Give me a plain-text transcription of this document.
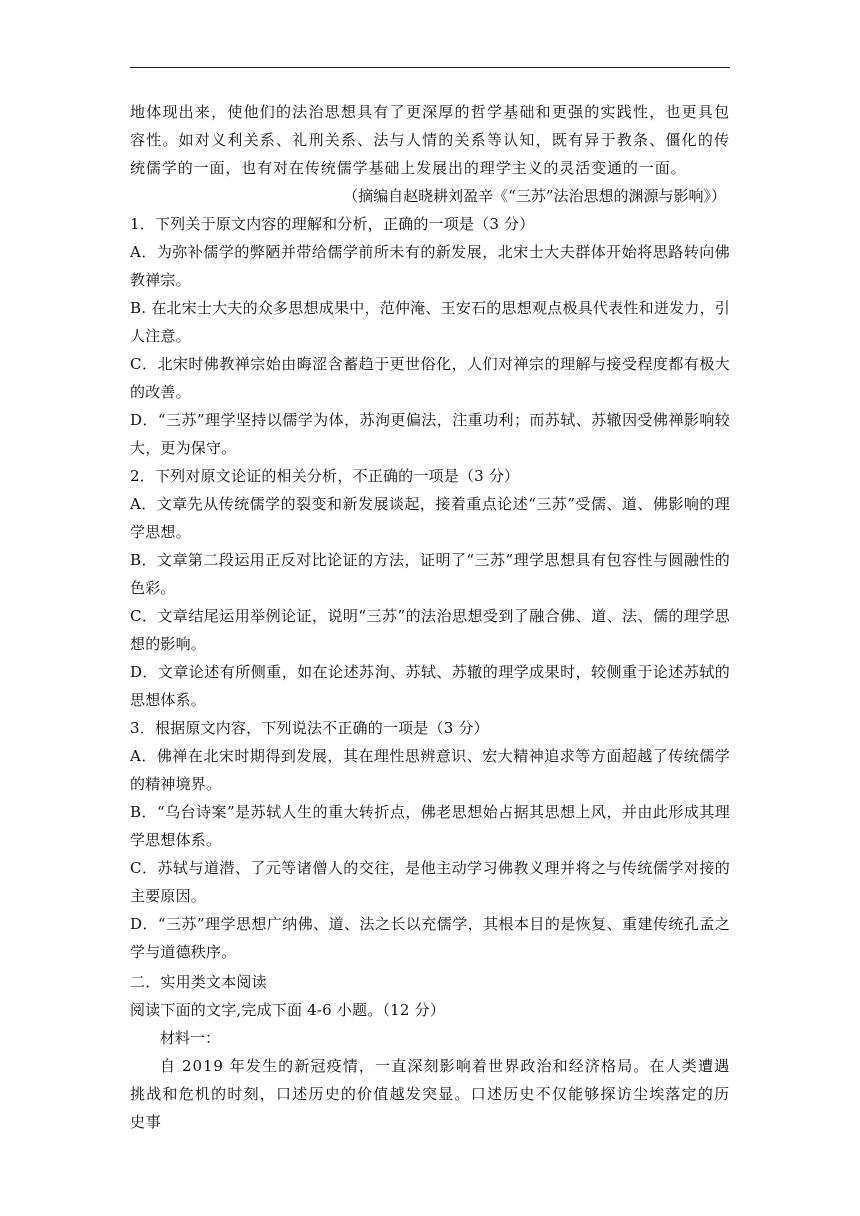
地体现出来，使他们的法治思想具有了更深厚的哲学基础和更强的实践性，也更具包容性。如对义利关系、礼刑关系、法与人情的关系等认知，既有异于教条、僵化的传统儒学的一面，也有对在传统儒学基础上发展出的理学主义的灵活变通的一面。

（摘编自赵晓耕刘盈辛《“三苏”法治思想的渊源与影响》）

1．下列关于原文内容的理解和分析，正确的一项是（3 分）

A．为弥补儒学的弊陋并带给儒学前所未有的新发展，北宋士大夫群体开始将思路转向佛教禅宗。

B. 在北宋士大夫的众多思想成果中，范仲淹、王安石的思想观点极具代表性和迸发力，引人注意。

C．北宋时佛教禅宗始由晦涩含蓄趋于更世俗化，人们对禅宗的理解与接受程度都有极大的改善。

D．“三苏”理学坚持以儒学为体，苏洵更偏法，注重功利；而苏轼、苏辙因受佛禅影响较大，更为保守。

2．下列对原文论证的相关分析，不正确的一项是（3 分）

A．文章先从传统儒学的裂变和新发展谈起，接着重点论述“三苏”受儒、道、佛影响的理学思想。

B．文章第二段运用正反对比论证的方法，证明了“三苏”理学思想具有包容性与圆融性的色彩。

C．文章结尾运用举例论证，说明“三苏”的法治思想受到了融合佛、道、法、儒的理学思想的影响。

D．文章论述有所侧重，如在论述苏洵、苏轼、苏辙的理学成果时，较侧重于论述苏轼的思想体系。

3．根据原文内容，下列说法不正确的一项是（3 分）

A．佛禅在北宋时期得到发展，其在理性思辨意识、宏大精神追求等方面超越了传统儒学的精神境界。

B．“乌台诗案”是苏轼人生的重大转折点，佛老思想始占据其思想上风，并由此形成其理学思想体系。

C．苏轼与道潜、了元等诸僧人的交往，是他主动学习佛教义理并将之与传统儒学对接的主要原因。

D．“三苏”理学思想广纳佛、道、法之长以充儒学，其根本目的是恢复、重建传统孔孟之学与道德秩序。

二．实用类文本阅读

阅读下面的文字,完成下面 4-6 小题。（12 分）

材料一：

自 2019 年发生的新冠疫情，一直深刻影响着世界政治和经济格局。在人类遭遇挑战和危机的时刻，口述历史的价值越发突显。口述历史不仅能够探访尘埃落定的历史事
